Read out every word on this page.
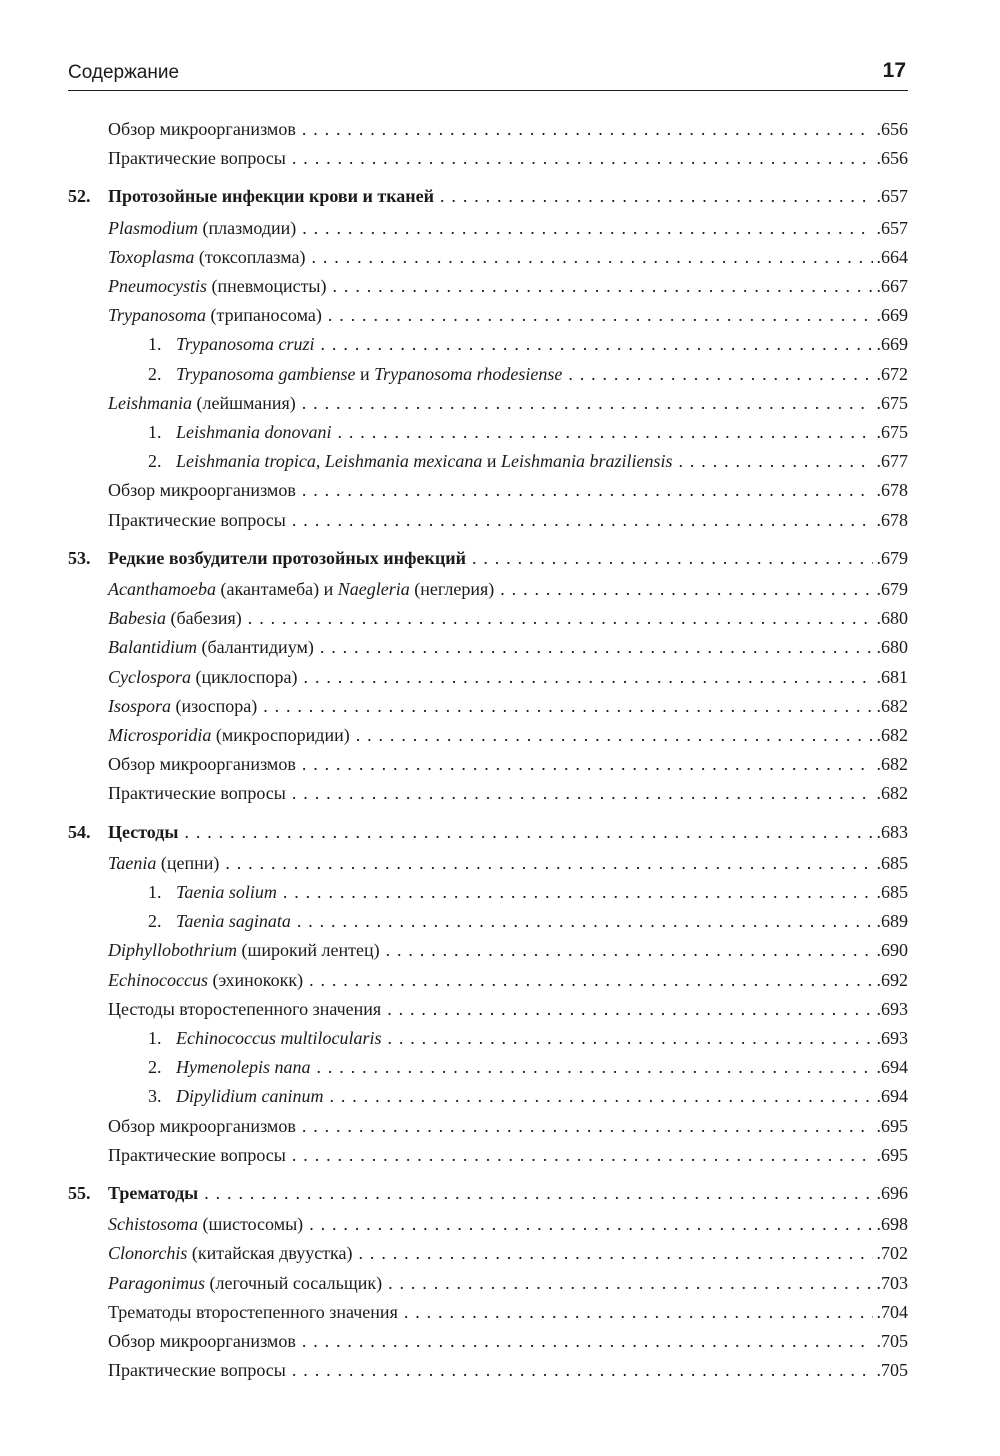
Содержание	17
Обзор микроорганизмов . . .	.656
Практические вопросы . . .	.656
52. Протозойные инфекции крови и тканей . . .	.657
Plasmodium (плазмодии) . . .	.657
Toxoplasma (токсоплазма) . . .	.664
Pneumocystis (пневмоцисты) . . .	.667
Trypanosoma (трипаносома) . . .	.669
1. Trypanosoma cruzi . . .	.669
2. Trypanosoma gambiense и Trypanosoma rhodesiense . . .	.672
Leishmania (лейшмания) . . .	.675
1. Leishmania donovani . . .	.675
2. Leishmania tropica, Leishmania mexicana и Leishmania braziliensis . . .	.677
Обзор микроорганизмов . . .	.678
Практические вопросы . . .	.678
53. Редкие возбудители протозойных инфекций . . .	.679
Acanthamoeba (акантамеба) и Naegleria (неглерия) . . .	.679
Babesia (бабезия) . . .	.680
Balantidium (балантидиум) . . .	.680
Cyclospora (циклоспора) . . .	.681
Isospora (изоспора) . . .	.682
Microsporidia (микроспоридии) . . .	.682
Обзор микроорганизмов . . .	.682
Практические вопросы . . .	.682
54. Цестоды . . .	.683
Taenia (цепни) . . .	.685
1. Taenia solium . . .	.685
2. Taenia saginata . . .	.689
Diphyllobothrium (широкий лентец) . . .	.690
Echinococcus (эхинококк) . . .	.692
Цестоды второстепенного значения . . .	.693
1. Echinococcus multilocularis . . .	.693
2. Hymenolepis nana . . .	.694
3. Dipylidium caninum . . .	.694
Обзор микроорганизмов . . .	.695
Практические вопросы . . .	.695
55. Трематоды . . .	.696
Schistosoma (шистосомы) . . .	.698
Clonorchis (китайская двуустка) . . .	.702
Paragonimus (легочный сосальщик) . . .	.703
Трематоды второстепенного значения . . .	.704
Обзор микроорганизмов . . .	.705
Практические вопросы . . .	.705
